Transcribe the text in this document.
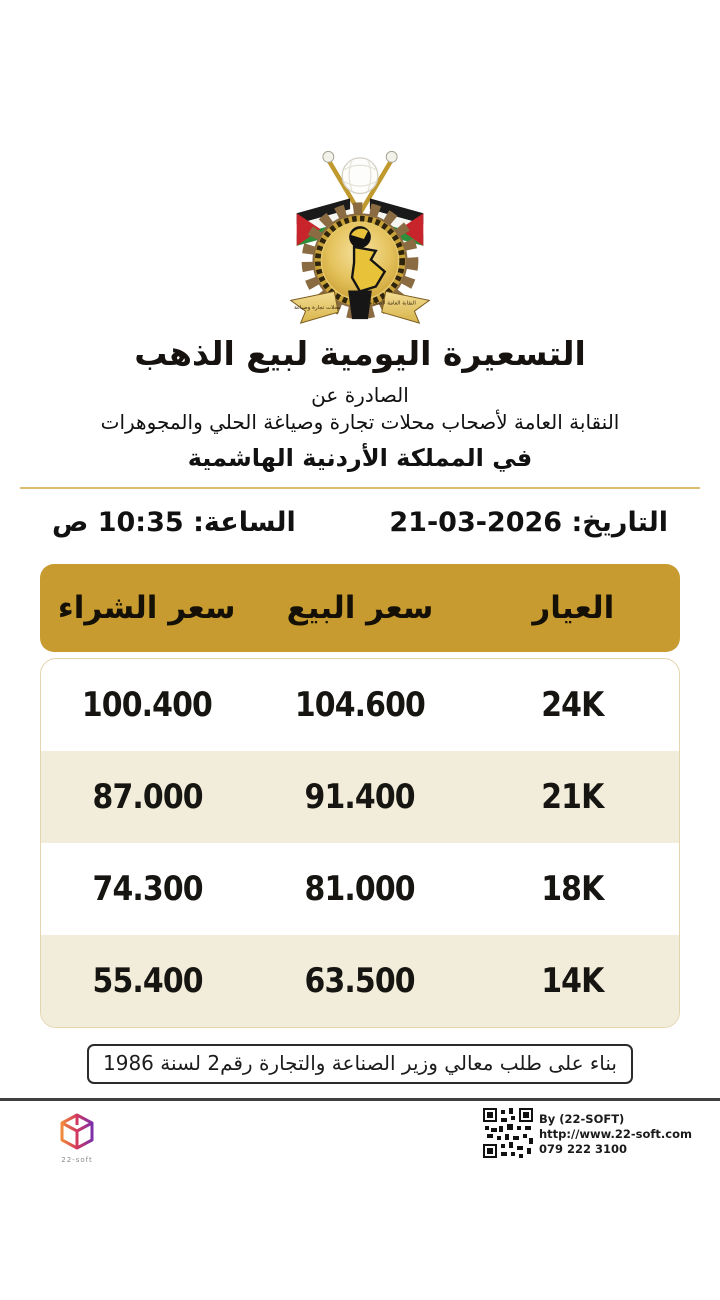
النقابة العامة لأصحاب
محلات تجارة وصياغة
التسعيرة اليومية لبيع الذهب
الصادرة عن
النقابة العامة لأصحاب محلات تجارة وصياغة الحلي والمجوهرات
في المملكة الأردنية الهاشمية
التاريخ: 21-03-2026
الساعة: 10:35 ص
العيار
سعر البيع
سعر الشراء
24K
104.600
100.400
21K
91.400
87.000
18K
81.000
74.300
14K
63.500
55.400
بناء على طلب معالي وزير الصناعة والتجارة رقم2 لسنة 1986
22-soft
By (22-SOFT)
http://www.22-soft.com
079 222 3100
